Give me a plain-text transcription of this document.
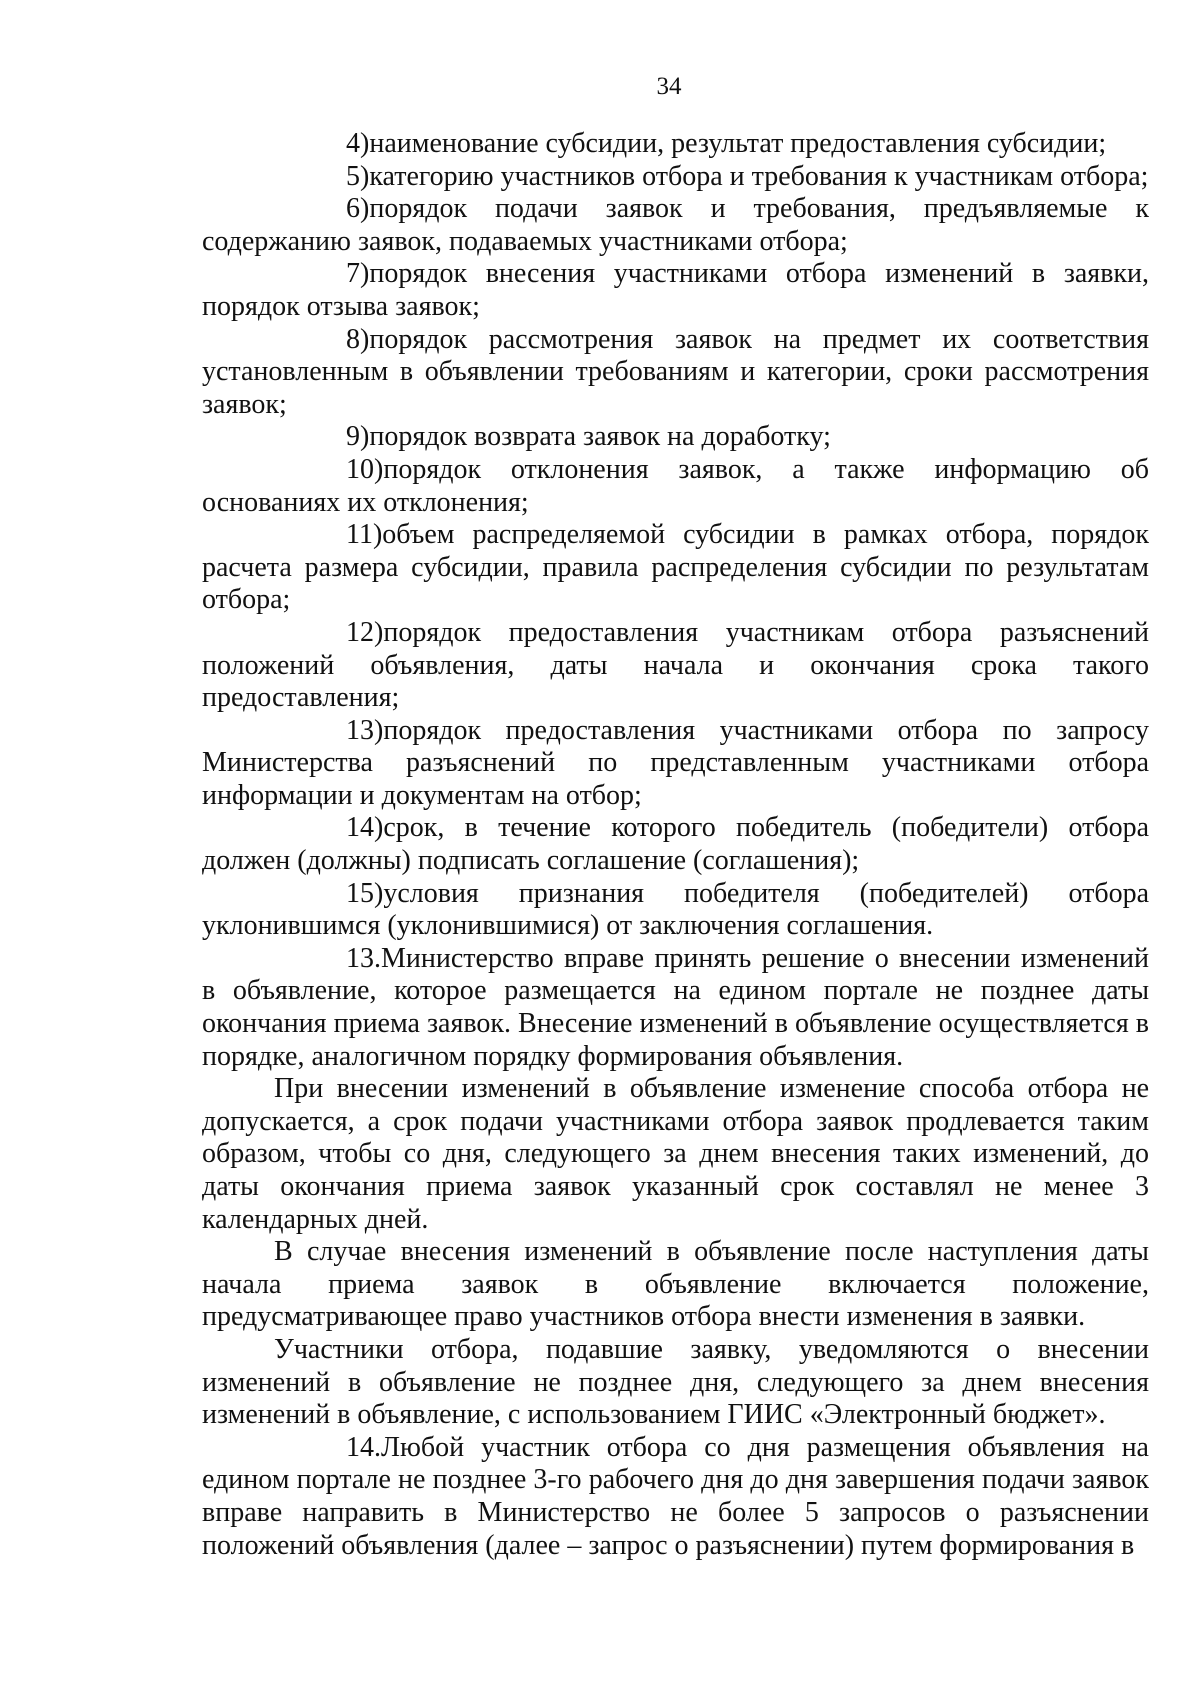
34

4)наименование субсидии, результат предоставления субсидии;

5)категорию участников отбора и требования к участникам отбора;

6)порядок подачи заявок и требования, предъявляемые к содержанию заявок, подаваемых участниками отбора;

7)порядок внесения участниками отбора изменений в заявки, порядок отзыва заявок;

8)порядок рассмотрения заявок на предмет их соответствия установленным в объявлении требованиям и категории, сроки рассмотрения заявок;

9)порядок возврата заявок на доработку;

10)порядок отклонения заявок, а также информацию об основаниях их отклонения;

11)объем распределяемой субсидии в рамках отбора, порядок расчета размера субсидии, правила распределения субсидии по результатам отбора;

12)порядок предоставления участникам отбора разъяснений положений объявления, даты начала и окончания срока такого предоставления;

13)порядок предоставления участниками отбора по запросу Министерства разъяснений по представленным участниками отбора информации и документам на отбор;

14)срок, в течение которого победитель (победители) отбора должен (должны) подписать соглашение (соглашения);

15)условия признания победителя (победителей) отбора уклонившимся (уклонившимися) от заключения соглашения.

13.Министерство вправе принять решение о внесении изменений в объявление, которое размещается на едином портале не позднее даты окончания приема заявок. Внесение изменений в объявление осуществляется в порядке, аналогичном порядку формирования объявления.

При внесении изменений в объявление изменение способа отбора не допускается, а срок подачи участниками отбора заявок продлевается таким образом, чтобы со дня, следующего за днем внесения таких изменений, до даты окончания приема заявок указанный срок составлял не менее 3 календарных дней.

В случае внесения изменений в объявление после наступления даты начала приема заявок в объявление включается положение, предусматривающее право участников отбора внести изменения в заявки.

Участники отбора, подавшие заявку, уведомляются о внесении изменений в объявление не позднее дня, следующего за днем внесения изменений в объявление, с использованием ГИИС «Электронный бюджет».

14.Любой участник отбора со дня размещения объявления на едином портале не позднее 3-го рабочего дня до дня завершения подачи заявок вправе направить в Министерство не более 5 запросов о разъяснении положений объявления (далее – запрос о разъяснении) путем формирования в
